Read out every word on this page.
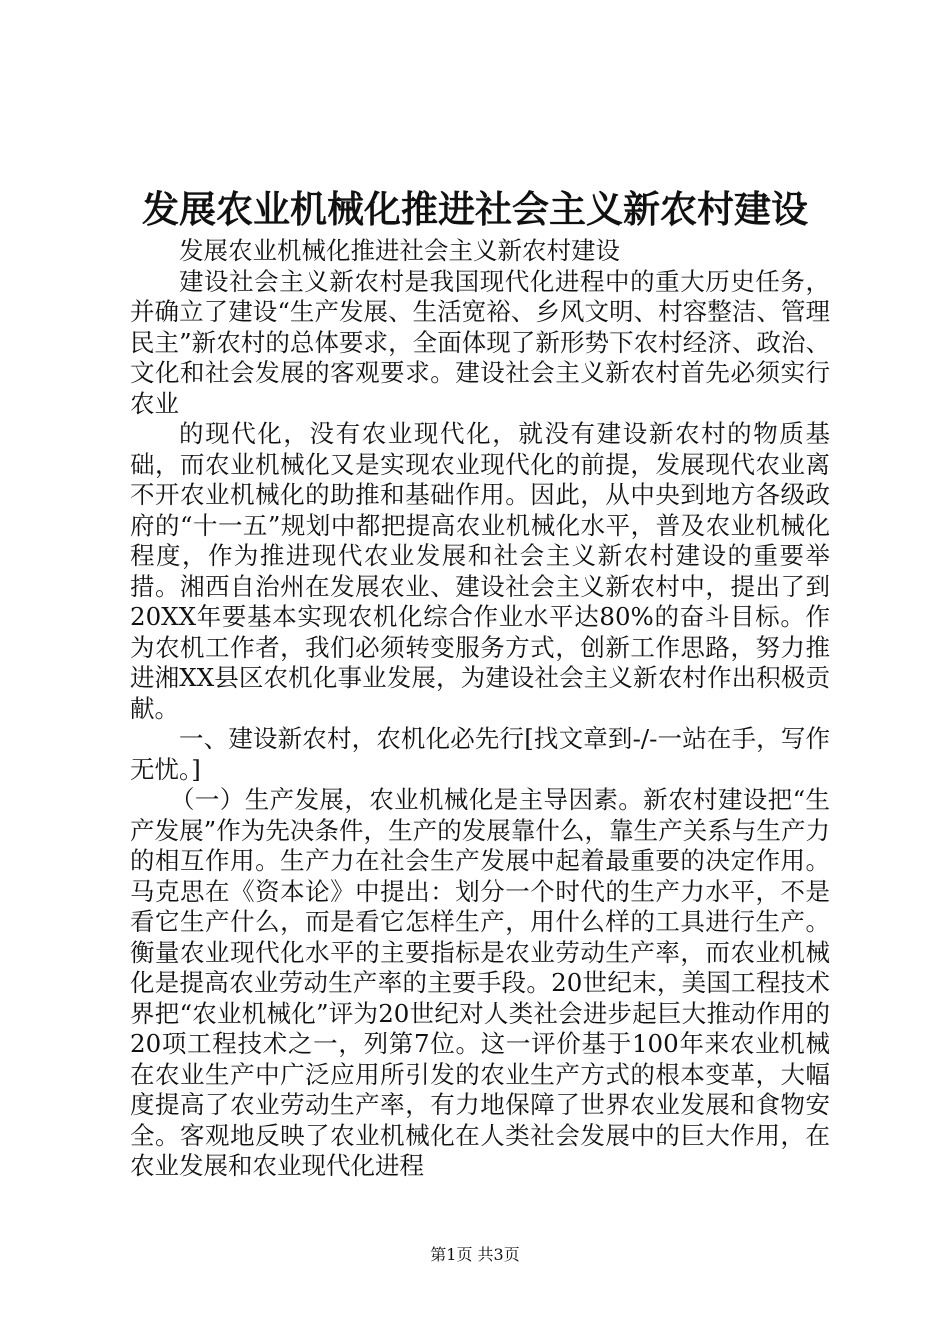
发展农业机械化推进社会主义新农村建设

发展农业机械化推进社会主义新农村建设

建设社会主义新农村是我国现代化进程中的重大历史任务，并确立了建设“生产发展、生活宽裕、乡风文明、村容整洁、管理民主”新农村的总体要求，全面体现了新形势下农村经济、政治、文化和社会发展的客观要求。建设社会主义新农村首先必须实行农业

的现代化，没有农业现代化，就没有建设新农村的物质基础，而农业机械化又是实现农业现代化的前提，发展现代农业离不开农业机械化的助推和基础作用。因此，从中央到地方各级政府的“十一五”规划中都把提高农业机械化水平，普及农业机械化程度，作为推进现代农业发展和社会主义新农村建设的重要举措。湘西自治州在发展农业、建设社会主义新农村中，提出了到20XX年要基本实现农机化综合作业水平达80%的奋斗目标。作为农机工作者，我们必须转变服务方式，创新工作思路，努力推进湘XX县区农机化事业发展，为建设社会主义新农村作出积极贡献。

一、建设新农村，农机化必先行[找文章到-/-一站在手，写作无忧。]

（一）生产发展，农业机械化是主导因素。新农村建设把“生产发展”作为先决条件，生产的发展靠什么，靠生产关系与生产力的相互作用。生产力在社会生产发展中起着最重要的决定作用。马克思在《资本论》中提出：划分一个时代的生产力水平，不是看它生产什么，而是看它怎样生产，用什么样的工具进行生产。衡量农业现代化水平的主要指标是农业劳动生产率，而农业机械化是提高农业劳动生产率的主要手段。20世纪末，美国工程技术界把“农业机械化”评为20世纪对人类社会进步起巨大推动作用的20项工程技术之一，列第7位。这一评价基于100年来农业机械在农业生产中广泛应用所引发的农业生产方式的根本变革，大幅度提高了农业劳动生产率，有力地保障了世界农业发展和食物安全。客观地反映了农业机械化在人类社会发展中的巨大作用，在农业发展和农业现代化进程

第1页 共3页
